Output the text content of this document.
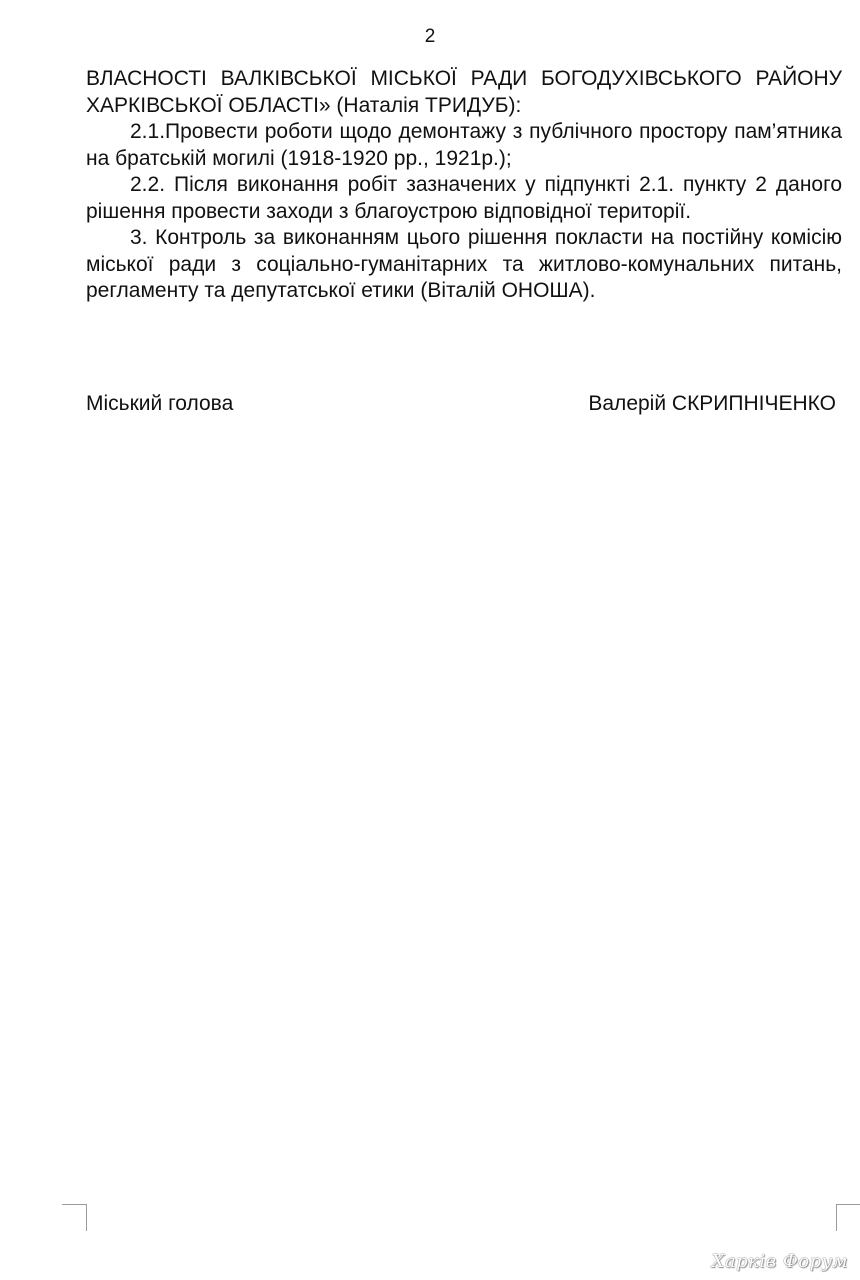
2

ВЛАСНОСТІ ВАЛКІВСЬКОЇ МІСЬКОЇ РАДИ БОГОДУХІВСЬКОГО РАЙОНУ ХАРКІВСЬКОЇ ОБЛАСТІ» (Наталія ТРИДУБ):

2.1.Провести роботи щодо демонтажу з публічного простору пам’ятника на братській могилі (1918-1920 рр., 1921р.);

2.2. Після виконання робіт зазначених у підпункті 2.1. пункту 2 даного рішення провести заходи з благоустрою відповідної території.

3. Контроль за виконанням цього рішення покласти на постійну комісію міської ради з соціально-гуманітарних та житлово-комунальних питань, регламенту та депутатської етики (Віталій ОНОША).

Міський голова	Валерій СКРИПНІЧЕНКО
Харків Форум
